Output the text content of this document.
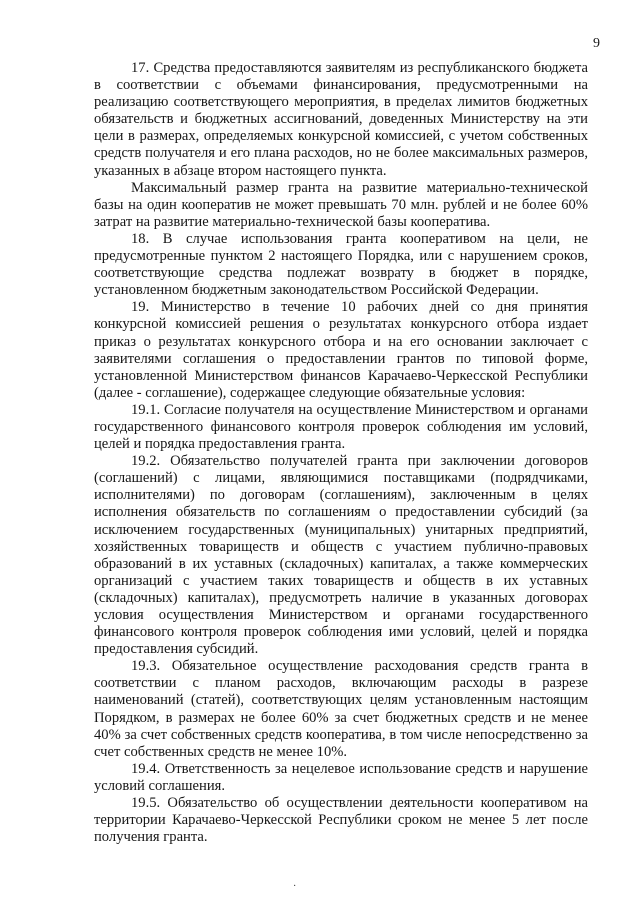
9

17. Средства предоставляются заявителям из республиканского бюджета в соответствии с объемами финансирования, предусмотренными на реализацию соответствующего мероприятия, в пределах лимитов бюджетных обязательств и бюджетных ассигнований, доведенных Министерству на эти цели в размерах, определяемых конкурсной комиссией, с учетом собственных средств получателя и его плана расходов, но не более максимальных размеров, указанных в абзаце втором настоящего пункта.

Максимальный размер гранта на развитие материально-технической базы на один кооператив не может превышать 70 млн. рублей и не более 60% затрат на развитие материально-технической базы кооператива.

18. В случае использования гранта кооперативом на цели, не предусмотренные пунктом 2 настоящего Порядка, или с нарушением сроков, соответствующие средства подлежат возврату в бюджет в порядке, установленном бюджетным законодательством Российской Федерации.

19. Министерство в течение 10 рабочих дней со дня принятия конкурсной комиссией решения о результатах конкурсного отбора издает приказ о результатах конкурсного отбора и на его основании заключает с заявителями соглашения о предоставлении грантов по типовой форме, установленной Министерством финансов Карачаево-Черкесской Республики (далее - соглашение), содержащее следующие обязательные условия:

19.1. Согласие получателя на осуществление Министерством и органами государственного финансового контроля проверок соблюдения им условий, целей и порядка предоставления гранта.

19.2. Обязательство получателей гранта при заключении договоров (соглашений) с лицами, являющимися поставщиками (подрядчиками, исполнителями) по договорам (соглашениям), заключенным в целях исполнения обязательств по соглашениям о предоставлении субсидий (за исключением государственных (муниципальных) унитарных предприятий, хозяйственных товариществ и обществ с участием публично-правовых образований в их уставных (складочных) капиталах, а также коммерческих организаций с участием таких товариществ и обществ в их уставных (складочных) капиталах), предусмотреть наличие в указанных договорах условия осуществления Министерством и органами государственного финансового контроля проверок соблюдения ими условий, целей и порядка предоставления субсидий.

19.3. Обязательное осуществление расходования средств гранта в соответствии с планом расходов, включающим расходы в разрезе наименований (статей), соответствующих целям установленным настоящим Порядком, в размерах не более 60% за счет бюджетных средств и не менее 40% за счет собственных средств кооператива, в том числе непосредственно за счет собственных средств не менее 10%.

19.4. Ответственность за нецелевое использование средств и нарушение условий соглашения.

19.5. Обязательство об осуществлении деятельности кооперативом на территории Карачаево-Черкесской Республики сроком не менее 5 лет после получения гранта.

·
